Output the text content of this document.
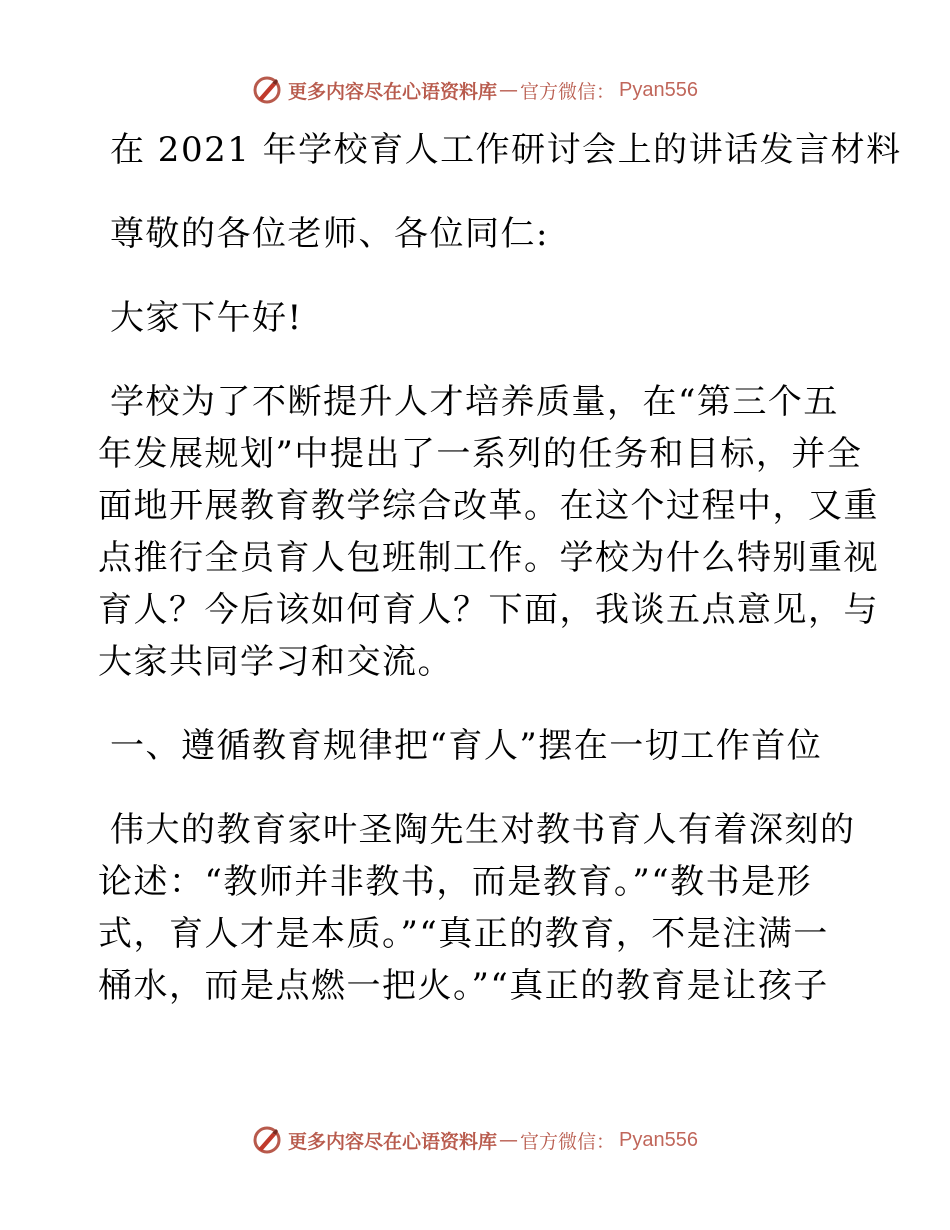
更多内容尽在心语资料库 — 官方微信： Pyan556
在 2021 年学校育人工作研讨会上的讲话发言材料
尊敬的各位老师、各位同仁:
大家下午好!
学校为了不断提升人才培养质量，在“第三个五
年发展规划”中提出了一系列的任务和目标，并全
面地开展教育教学综合改革。在这个过程中，又重
点推行全员育人包班制工作。学校为什么特别重视
育人？今后该如何育人？下面，我谈五点意见，与
大家共同学习和交流。
一、遵循教育规律把“育人”摆在一切工作首位
伟大的教育家叶圣陶先生对教书育人有着深刻的
论述：“教师并非教书，而是教育。”“教书是形
式，育人才是本质。”“真正的教育，不是注满一
桶水，而是点燃一把火。”“真正的教育是让孩子
更多内容尽在心语资料库 — 官方微信： Pyan556
